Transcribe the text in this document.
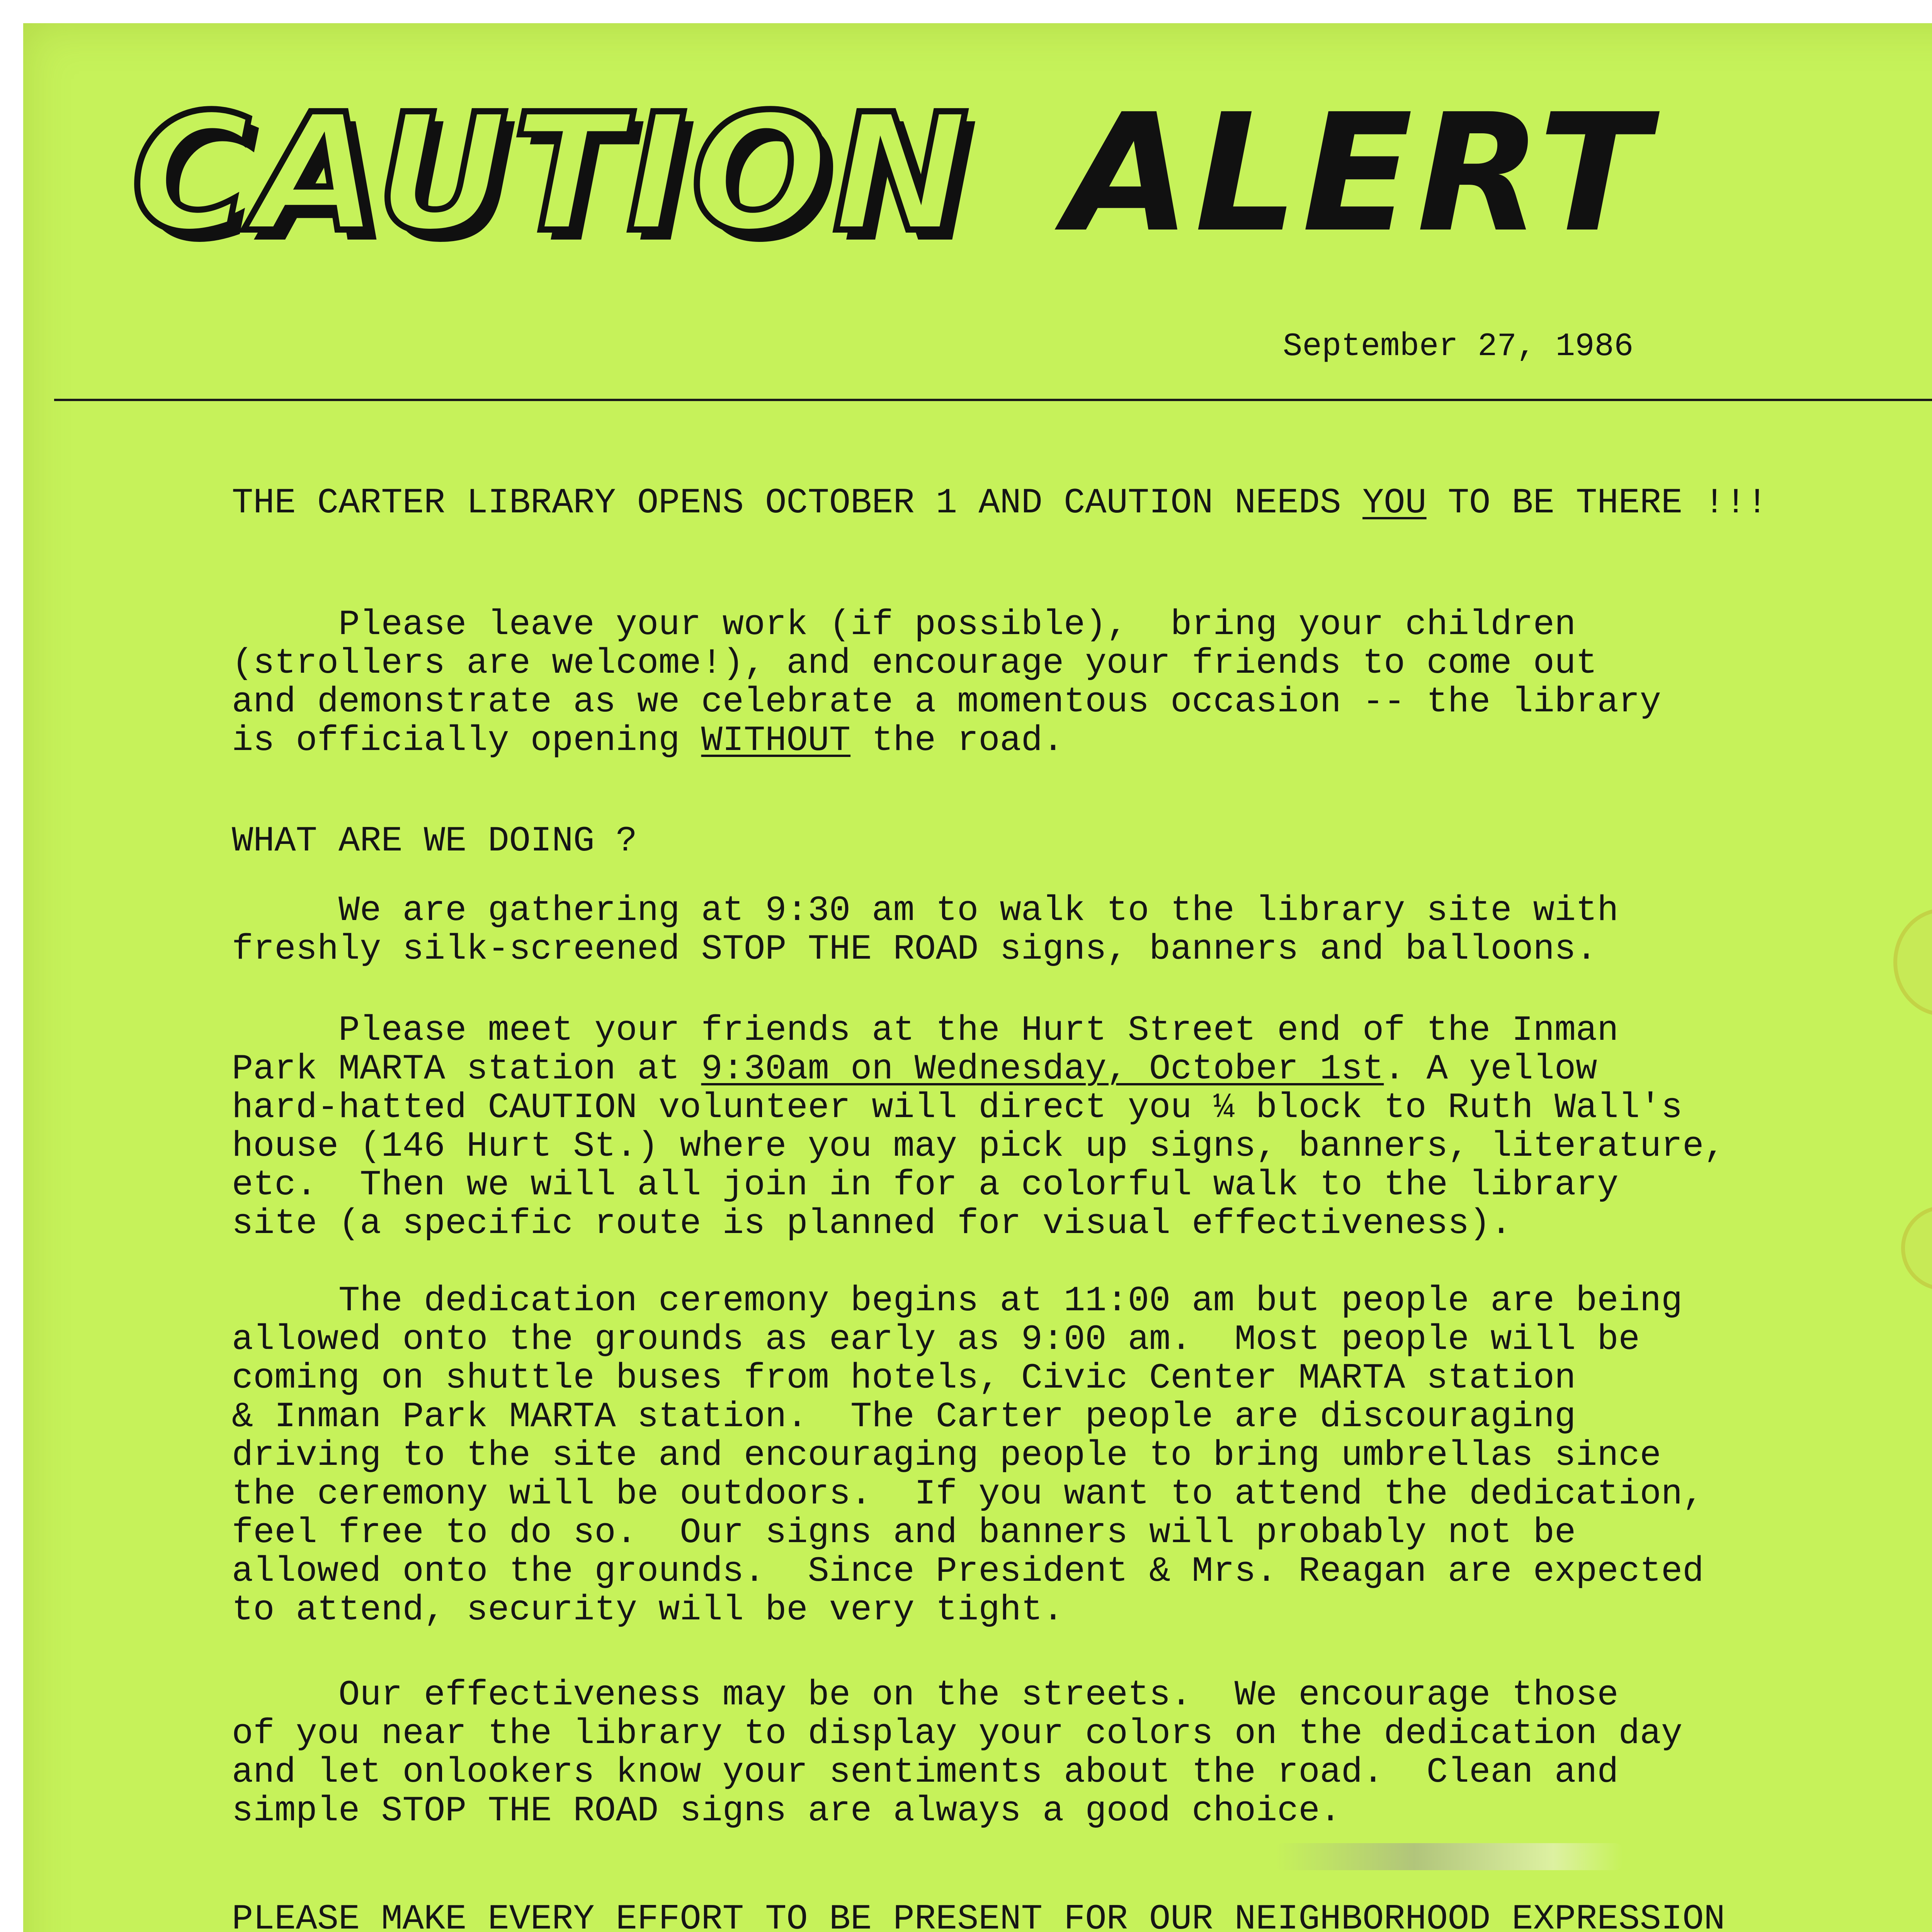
CAUTION ALERT
September 27, 1986
THE CARTER LIBRARY OPENS OCTOBER 1 AND CAUTION NEEDS YOU TO BE THERE !!!
Please leave your work (if possible),  bring your children
(strollers are welcome!), and encourage your friends to come out
and demonstrate as we celebrate a momentous occasion -- the library
is officially opening WITHOUT the road.
WHAT ARE WE DOING ?
We are gathering at 9:30 am to walk to the library site with
freshly silk-screened STOP THE ROAD signs, banners and balloons.
Please meet your friends at the Hurt Street end of the Inman
Park MARTA station at 9:30am on Wednesday, October 1st. A yellow
hard-hatted CAUTION volunteer will direct you ¼ block to Ruth Wall's
house (146 Hurt St.) where you may pick up signs, banners, literature,
etc.  Then we will all join in for a colorful walk to the library
site (a specific route is planned for visual effectiveness).
The dedication ceremony begins at 11:00 am but people are being
allowed onto the grounds as early as 9:00 am.  Most people will be
coming on shuttle buses from hotels, Civic Center MARTA station
& Inman Park MARTA station.  The Carter people are discouraging
driving to the site and encouraging people to bring umbrellas since
the ceremony will be outdoors.  If you want to attend the dedication,
feel free to do so.  Our signs and banners will probably not be
allowed onto the grounds.  Since President & Mrs. Reagan are expected
to attend, security will be very tight.
Our effectiveness may be on the streets.  We encourage those
of you near the library to display your colors on the dedication day
and let onlookers know your sentiments about the road.  Clean and
simple STOP THE ROAD signs are always a good choice.
PLEASE MAKE EVERY EFFORT TO BE PRESENT FOR OUR NEIGHBORHOOD EXPRESSION
